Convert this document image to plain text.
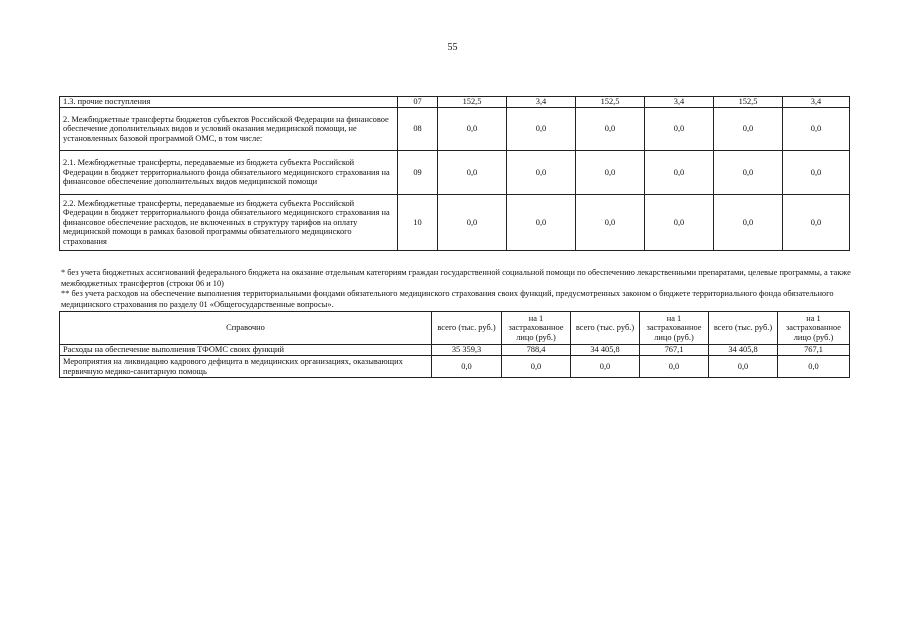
55
1.3. прочие поступления	07	152,5	3,4	152,5	3,4	152,5	3,4
2. Межбюджетные трансферты бюджетов субъектов Российской Федерации на финансовое обеспечение дополнительных видов и условий оказания медицинской помощи, не установленных базовой программой ОМС, в том числе:	08	0,0	0,0	0,0	0,0	0,0	0,0
2.1. Межбюджетные трансферты, передаваемые из бюджета субъекта Российской Федерации в бюджет территориального фонда обязательного медицинского страхования на финансовое обеспечение дополнительных видов медицинской помощи	09	0,0	0,0	0,0	0,0	0,0	0,0
2.2. Межбюджетные трансферты, передаваемые из бюджета субъекта Российской Федерации в бюджет территориального фонда обязательного медицинского страхования на финансовое обеспечение расходов, не включенных в структуру тарифов на оплату медицинской помощи в рамках базовой программы обязательного медицинского страхования	10	0,0	0,0	0,0	0,0	0,0	0,0

* без учета бюджетных ассигнований федерального бюджета на оказание отдельным категориям граждан государственной социальной помощи по обеспечению лекарственными препаратами, целевые программы, а также межбюджетных трансфертов (строки 06 и 10)

** без учета расходов на обеспечение выполнения территориальными фондами обязательного медицинского страхования своих функций, предусмотренных законом о бюджете территориального фонда обязательного медицинского страхования по разделу 01 «Общегосударственные вопросы».

Справочно	всего (тыс. руб.)	на 1 застрахованное лицо (руб.)	всего (тыс. руб.)	на 1 застрахованное лицо (руб.)	всего (тыс. руб.)	на 1 застрахованное лицо (руб.)
Расходы на обеспечение выполнения ТФОМС своих функций	35 359,3	788,4	34 405,8	767,1	34 405,8	767,1
Мероприятия на ликвидацию кадрового дефицита в медицинских организациях, оказывающих первичную медико-санитарную помощь	0,0	0,0	0,0	0,0	0,0	0,0
